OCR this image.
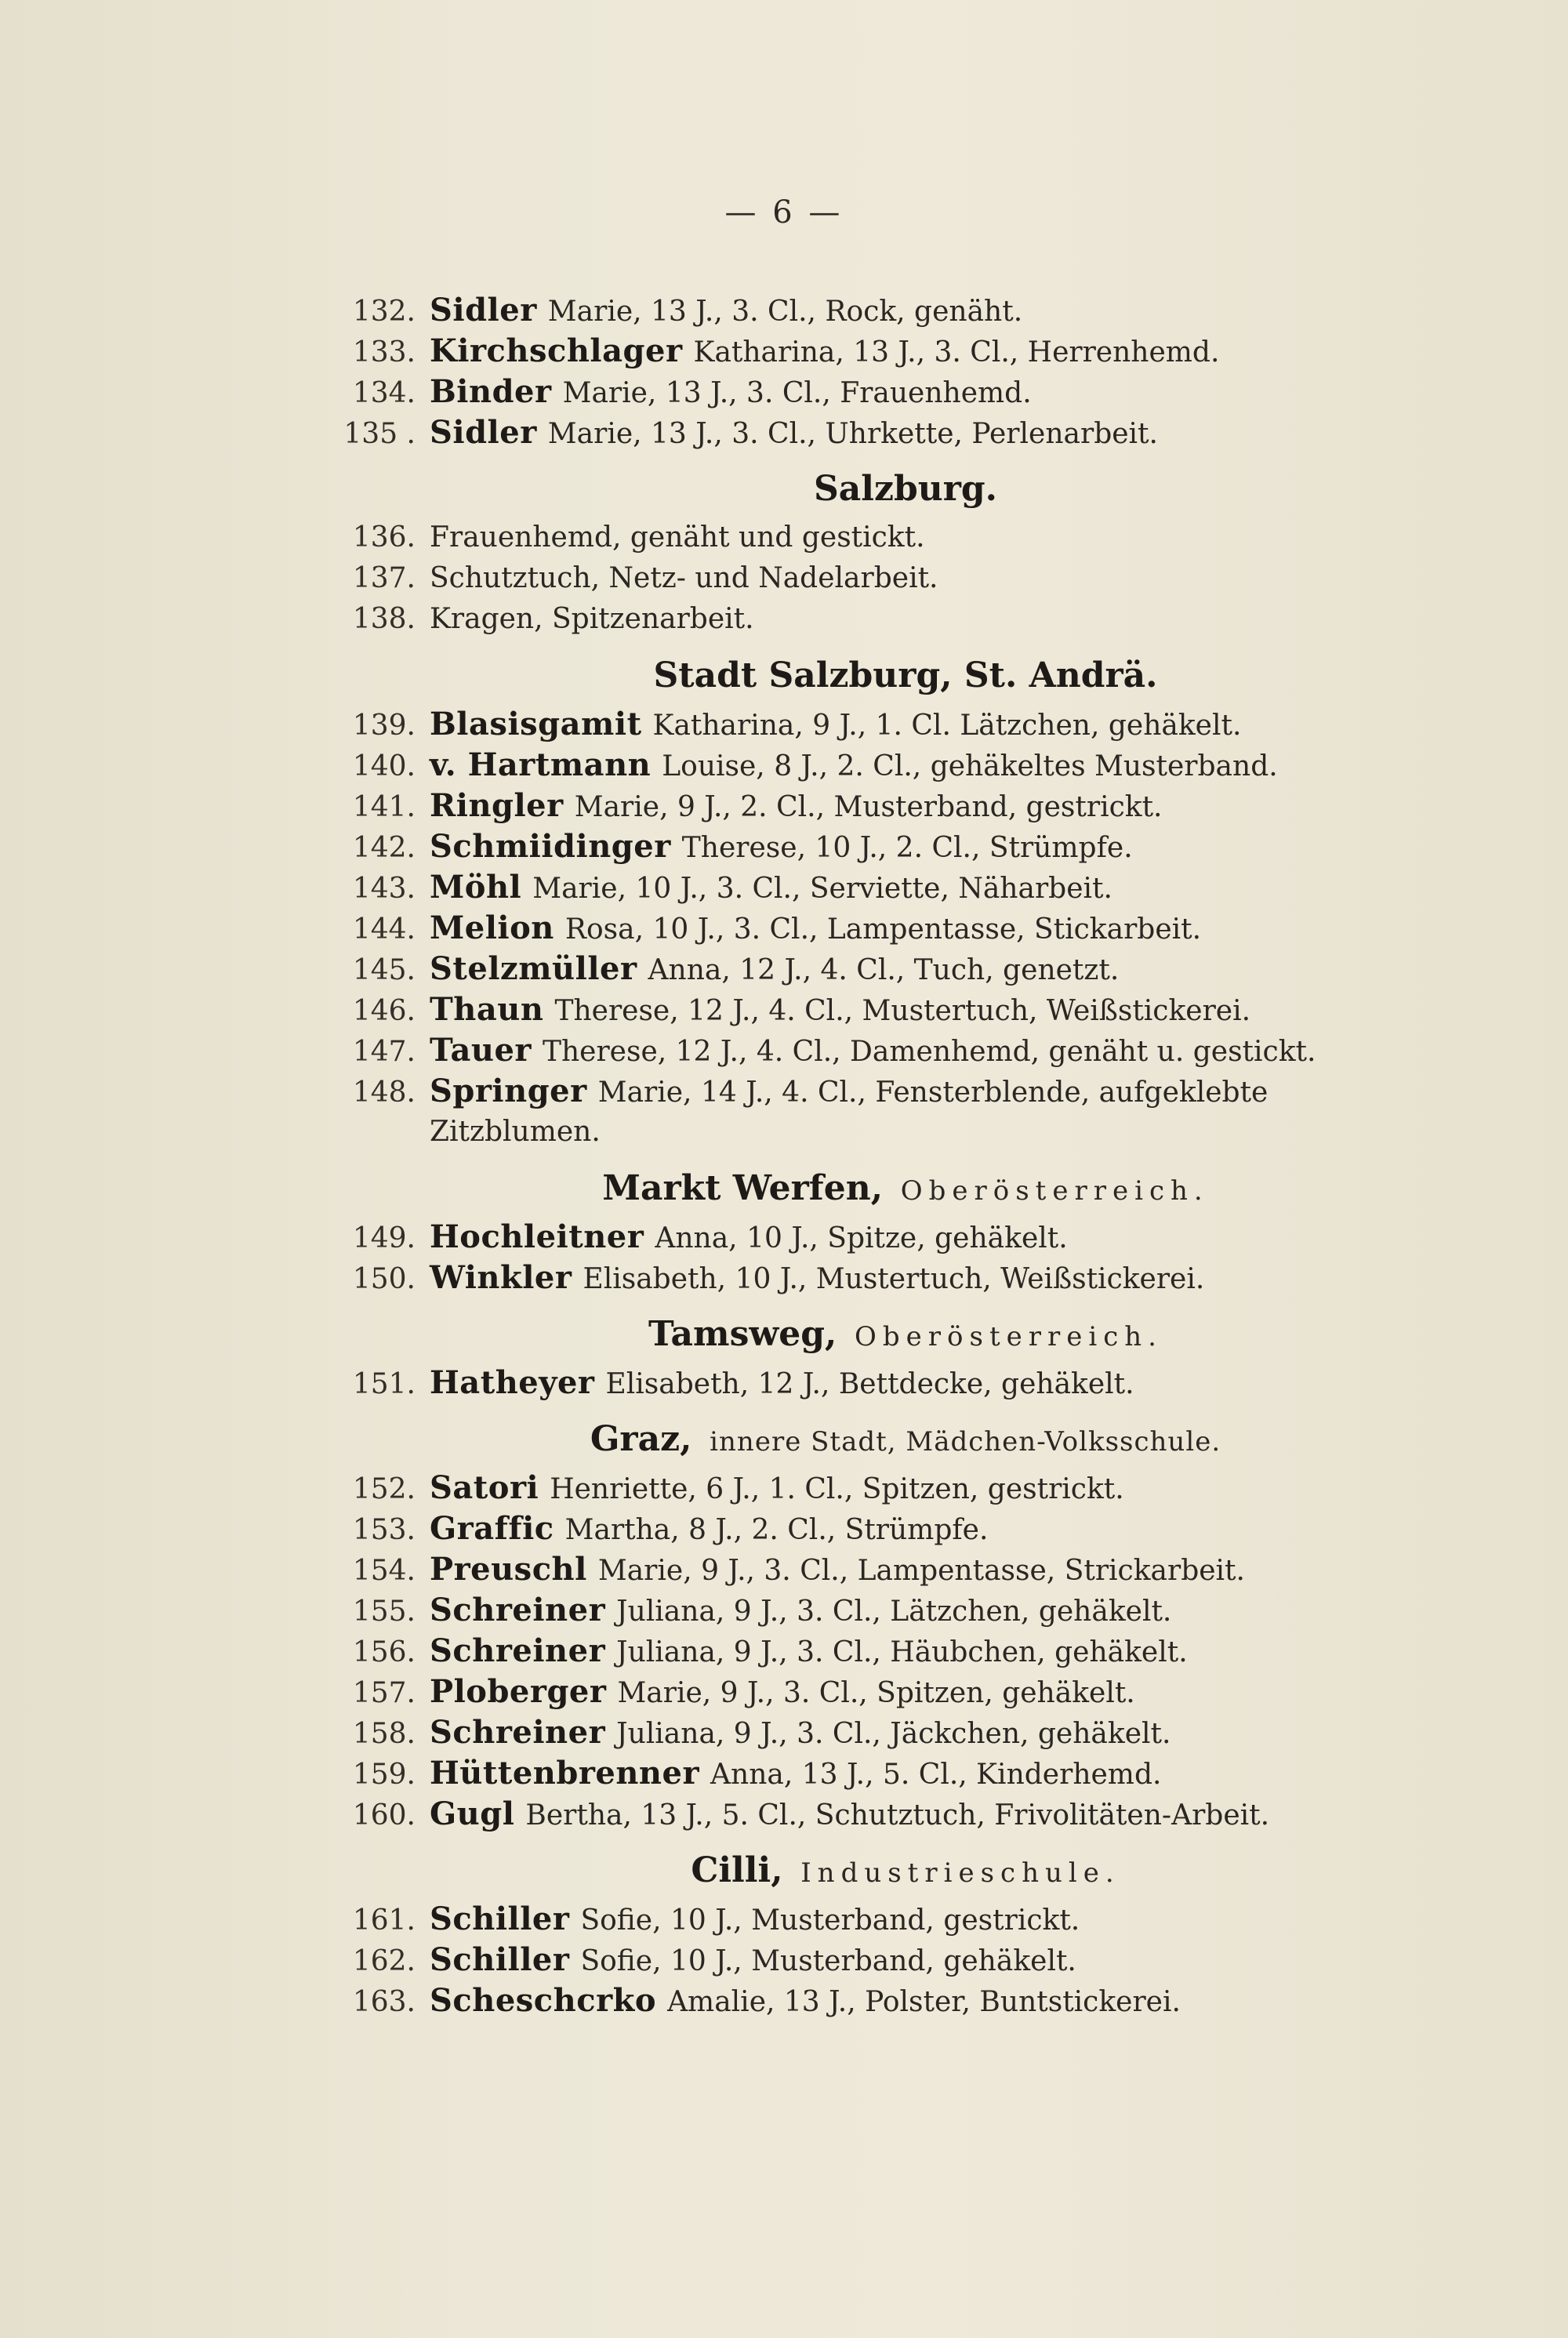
— 6 —
132. Sidler Marie, 13 J., 3. Cl., Rock, genäht.
133. Kirchschlager Katharina, 13 J., 3. Cl., Herrenhemd.
134. Binder Marie, 13 J., 3. Cl., Frauenhemd.
135 . Sidler Marie, 13 J., 3. Cl., Uhrkette, Perlenarbeit.
Salzburg.
136. Frauenhemd, genäht und gestickt.
137. Schutztuch, Netz- und Nadelarbeit.
138. Kragen, Spitzenarbeit.
Stadt Salzburg, St. Andrä.
139. Blasisgamit Katharina, 9 J., 1. Cl. Lätzchen, gehäkelt.
140. v. Hartmann Louise, 8 J., 2. Cl., gehäkeltes Musterband.
141. Ringler Marie, 9 J., 2. Cl., Musterband, gestrickt.
142. Schmiidinger Therese, 10 J., 2. Cl., Strümpfe.
143. Möhl Marie, 10 J., 3. Cl., Serviette, Näharbeit.
144. Melion Rosa, 10 J., 3. Cl., Lampentasse, Stickarbeit.
145. Stelzmüller Anna, 12 J., 4. Cl., Tuch, genetzt.
146. Thaun Therese, 12 J., 4. Cl., Mustertuch, Weißstickerei.
147. Tauer Therese, 12 J., 4. Cl., Damenhemd, genäht u. gestickt.
148. Springer Marie, 14 J., 4. Cl., Fensterblende, aufgeklebte
Zitzblumen.
Markt Werfen, Oberösterreich.
149. Hochleitner Anna, 10 J., Spitze, gehäkelt.
150. Winkler Elisabeth, 10 J., Mustertuch, Weißstickerei.
Tamsweg, Oberösterreich.
151. Hatheyer Elisabeth, 12 J., Bettdecke, gehäkelt.
Graz, innere Stadt, Mädchen-Volksschule.
152. Satori Henriette, 6 J., 1. Cl., Spitzen, gestrickt.
153. Graffic Martha, 8 J., 2. Cl., Strümpfe.
154. Preuschl Marie, 9 J., 3. Cl., Lampentasse, Strickarbeit.
155. Schreiner Juliana, 9 J., 3. Cl., Lätzchen, gehäkelt.
156. Schreiner Juliana, 9 J., 3. Cl., Häubchen, gehäkelt.
157. Ploberger Marie, 9 J., 3. Cl., Spitzen, gehäkelt.
158. Schreiner Juliana, 9 J., 3. Cl., Jäckchen, gehäkelt.
159. Hüttenbrenner Anna, 13 J., 5. Cl., Kinderhemd.
160. Gugl Bertha, 13 J., 5. Cl., Schutztuch, Frivolitäten-Arbeit.
Cilli, Industrieschule.
161. Schiller Sofie, 10 J., Musterband, gestrickt.
162. Schiller Sofie, 10 J., Musterband, gehäkelt.
163. Scheschcrko Amalie, 13 J., Polster, Buntstickerei.
